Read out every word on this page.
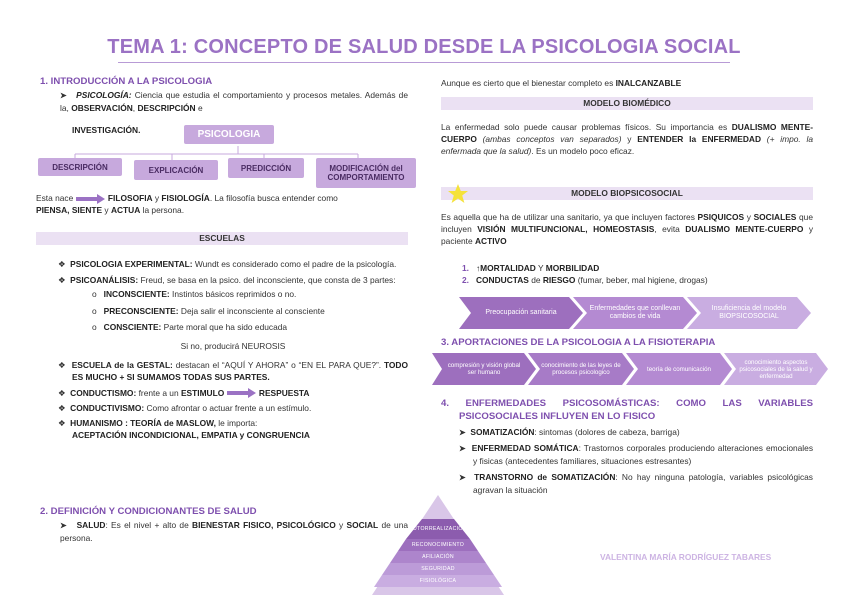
TEMA 1: CONCEPTO DE SALUD DESDE LA PSICOLOGIA SOCIAL
1. INTRODUCCIÓN A LA PSICOLOGIA
➤ PSICOLOGÍA: Ciencia que estudia el comportamiento y procesos metales. Además de la, OBSERVACIÓN, DESCRIPCIÓN e
INVESTIGACIÓN.	PSICOLOGIA
DESCRIPCIÓN	EXPLICACIÓN	PREDICCIÓN	MODIFICACIÓN del COMPORTAMIENTO
Esta nace	FILOSOFIA y FISIOLOGÍA. La filosofía busca entender como
PIENSA, SIENTE y ACTUA la persona.
ESCUELAS
❖ PSICOLOGIA EXPERIMENTAL: Wundt es considerado como el padre de la psicología.
❖ PSICOANÁLISIS: Freud, se basa en la psico. del inconsciente, que consta de 3 partes:
o   INCONSCIENTE: Instintos básicos reprimidos o no.
o   PRECONSCIENTE: Deja salir el inconsciente al consciente
o   CONSCIENTE: Parte moral que ha sido educada
Si no, producirá NEUROSIS
❖ ESCUELA de la GESTAL: destacan el “AQUÍ Y AHORA” o “EN EL PARA QUE?”. TODO ES MUCHO + SI SUMAMOS TODAS SUS PARTES.
❖ CONDUCTISMO: frente a un ESTIMULO	RESPUESTA
❖ CONDUCTIVISMO: Como afrontar o actuar frente a un estímulo.
❖ HUMANISMO : TEORÍA de MASLOW, le importa:
ACEPTACIÓN INCONDICIONAL, EMPATIA y CONGRUENCIA
2. DEFINICIÓN Y CONDICIONANTES DE SALUD
➤ SALUD: Es el nivel + alto de BIENESTAR FISICO, PSICOLÓGICO y SOCIAL de una persona.
AUTORREALIZACIÓN
RECONOCIMIENTO
AFILIACIÓN
SEGURIDAD
FISIOLÓGICA
Aunque es cierto que el bienestar completo es INALCANZABLE
MODELO BIOMÉDICO
La enfermedad solo puede causar problemas físicos. Su importancia es DUALISMO MENTE-CUERPO (ambas conceptos van separados) y ENTENDER la ENFERMEDAD (+ impo. la enfermada que la salud). Es un modelo poco eficaz.
MODELO BIOPSICOSOCIAL
Es aquella que ha de utilizar una sanitario, ya que incluyen factores PSIQUICOS y SOCIALES que incluyen VISIÓN MULTIFUNCIONAL, HOMEOSTASIS, evita DUALISMO MENTE-CUERPO y paciente ACTIVO
1. ↑MORTALIDAD Y MORBILIDAD
2. CONDUCTAS de RIESGO (fumar, beber, mal higiene, drogas)
Preocupación sanitaria
Enfermedades que conllevan cambios de vida
Insuficiencia del modelo BIOPSICOSOCIAL
3. APORTACIONES DE LA PSICOLOGIA A LA FISIOTERAPIA
compresión y visión global ser humano
conocimiento de las leyes de procesos psicologico	teoría de comunicación
conocimiento aspectos psicosociales de la salud y enfermedad
4. ENFERMEDADES PSICOSOMÁSTICAS: COMO LAS VARIABLES
PSICOSOCIALES INFLUYEN EN LO FISICO
➤ SOMATIZACIÓN: sintomas (dolores de cabeza, barriga)
➤ ENFERMEDAD SOMÁTICA: Trastornos corporales produciendo alteraciones emocionales y fisicas (antecedentes familiares, situaciones estresantes)
➤ TRANSTORNO de SOMATIZACIÓN: No hay ninguna patología, variables psicológicas agravan la situación
VALENTINA MARÍA RODRÍGUEZ TABARES
